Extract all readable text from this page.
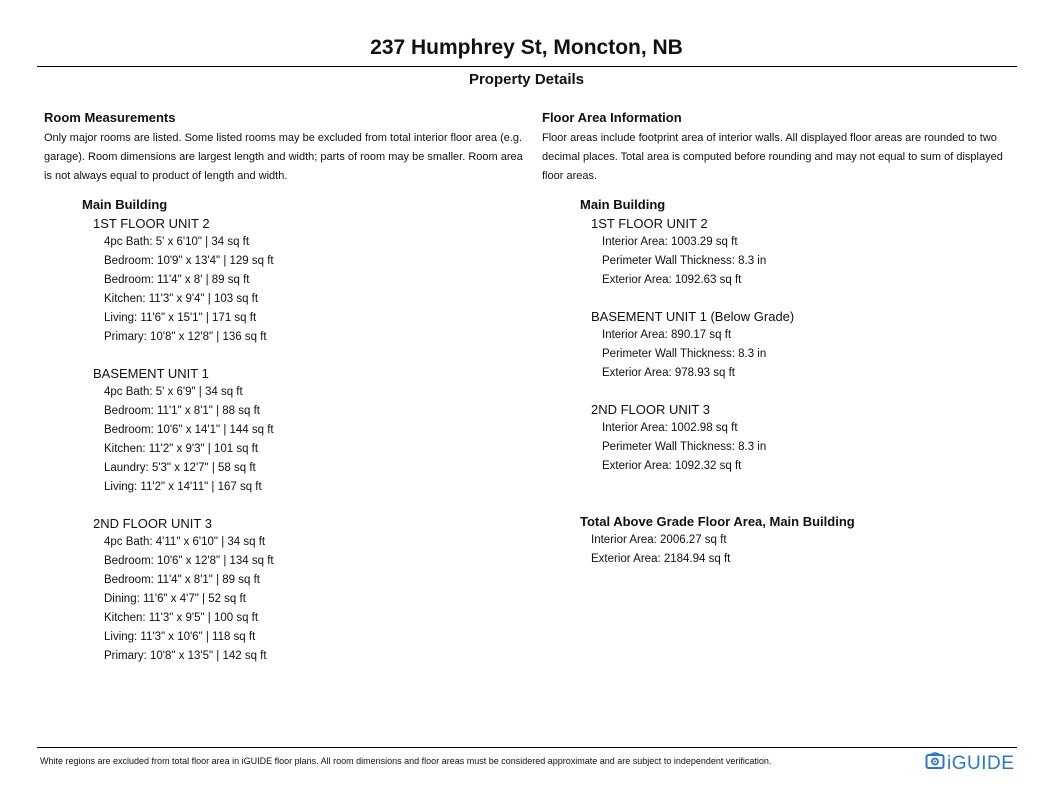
237 Humphrey St, Moncton, NB
Property Details
Room Measurements

Only major rooms are listed. Some listed rooms may be excluded from total interior floor area (e.g. garage). Room dimensions are largest length and width; parts of room may be smaller. Room area is not always equal to product of length and width.

Main Building
1ST FLOOR UNIT 2
4pc Bath: 5' x 6'10" | 34 sq ft
Bedroom: 10'9" x 13'4" | 129 sq ft
Bedroom: 11'4" x 8' | 89 sq ft
Kitchen: 11'3" x 9'4" | 103 sq ft
Living: 11'6" x 15'1" | 171 sq ft
Primary: 10'8" x 12'8" | 136 sq ft
BASEMENT UNIT 1
4pc Bath: 5' x 6'9" | 34 sq ft
Bedroom: 11'1" x 8'1" | 88 sq ft
Bedroom: 10'6" x 14'1" | 144 sq ft
Kitchen: 11'2" x 9'3" | 101 sq ft
Laundry: 5'3" x 12'7" | 58 sq ft
Living: 11'2" x 14'11" | 167 sq ft
2ND FLOOR UNIT 3
4pc Bath: 4'11" x 6'10" | 34 sq ft
Bedroom: 10'6" x 12'8" | 134 sq ft
Bedroom: 11'4" x 8'1" | 89 sq ft
Dining: 11'6" x 4'7" | 52 sq ft
Kitchen: 11'3" x 9'5" | 100 sq ft
Living: 11'3" x 10'6" | 118 sq ft
Primary: 10'8" x 13'5" | 142 sq ft
Floor Area Information

Floor areas include footprint area of interior walls. All displayed floor areas are rounded to two decimal places. Total area is computed before rounding and may not equal to sum of displayed floor areas.

Main Building
1ST FLOOR UNIT 2
Interior Area: 1003.29 sq ft
Perimeter Wall Thickness: 8.3 in
Exterior Area: 1092.63 sq ft
BASEMENT UNIT 1 (Below Grade)
Interior Area: 890.17 sq ft
Perimeter Wall Thickness: 8.3 in
Exterior Area: 978.93 sq ft
2ND FLOOR UNIT 3
Interior Area: 1002.98 sq ft
Perimeter Wall Thickness: 8.3 in
Exterior Area: 1092.32 sq ft
Total Above Grade Floor Area, Main Building
Interior Area: 2006.27 sq ft
Exterior Area: 2184.94 sq ft
White regions are excluded from total floor area in iGUIDE floor plans. All room dimensions and floor areas must be considered approximate and are subject to independent verification.	iGUIDE
